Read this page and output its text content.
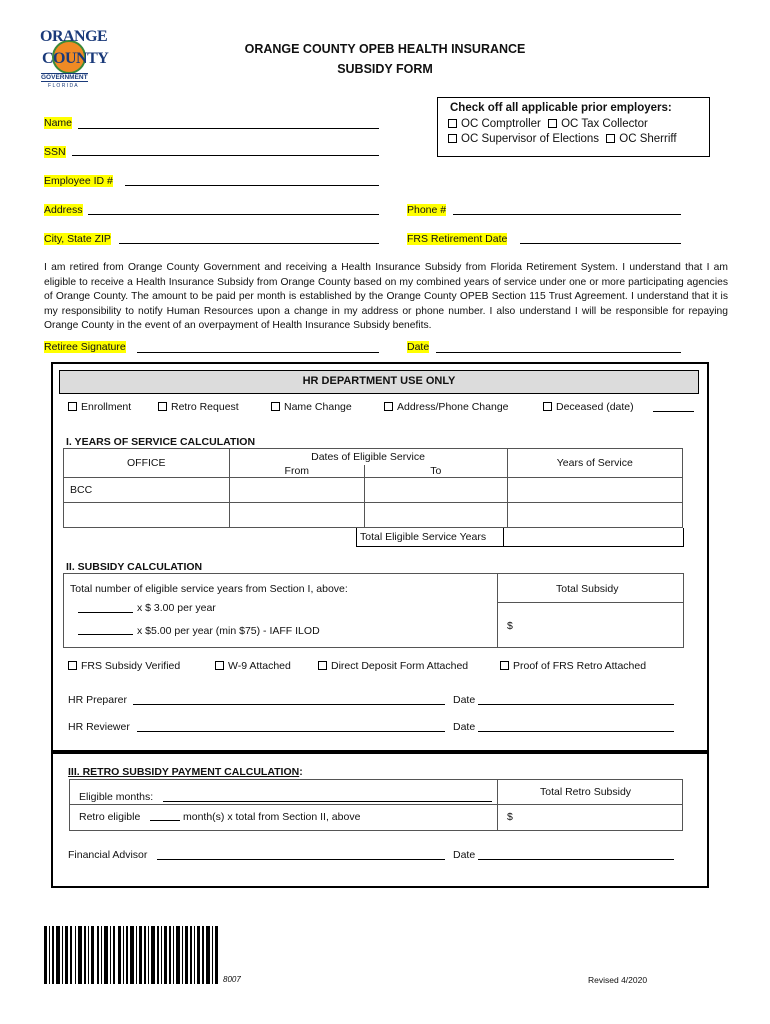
ORANGE
COUNTY
GOVERNMENT
F L O R I D A
ORANGE COUNTY OPEB HEALTH INSURANCE
SUBSIDY FORM
Check off all applicable prior employers:
OC Comptroller OC Tax Collector
OC Supervisor of Elections OC Sherriff
Name
SSN
Employee ID #
Address	Phone #
City, State ZIP	FRS Retirement Date
I am retired from Orange County Government and receiving a Health Insurance Subsidy from Florida Retirement System. I understand that I am eligible to receive a Health Insurance Subsidy from Orange County based on my combined years of service under one or more participating agencies of Orange County. The amount to be paid per month is established by the Orange County OPEB Section 115 Trust Agreement. I understand that it is my responsibility to notify Human Resources upon a change in my address or phone number. I also understand I will be responsible for repaying Orange County in the event of an overpayment of Health Insurance Subsidy benefits.
Retiree Signature	Date
HR DEPARTMENT USE ONLY
Enrollment	Retro Request	Name Change	Address/Phone Change	Deceased (date)
I. YEARS OF SERVICE CALCULATION
OFFICE	Dates of Eligible Service		Years of Service
	From	To	
BCC			

Total Eligible Service Years
II. SUBSIDY CALCULATION
Total number of eligible service years from Section I, above:	Total Subsidy
x $ 3.00 per year
x $5.00 per year (min $75) - IAFF ILOD	$
FRS Subsidy Verified	W-9 Attached	Direct Deposit Form Attached	Proof of FRS Retro Attached
HR Preparer	Date
HR Reviewer	Date
III. RETRO SUBSIDY PAYMENT CALCULATION:
Eligible months:	Total Retro Subsidy
Retro eligible	month(s) x total from Section II, above	$
Financial Advisor	Date
8007	Revised 4/2020
